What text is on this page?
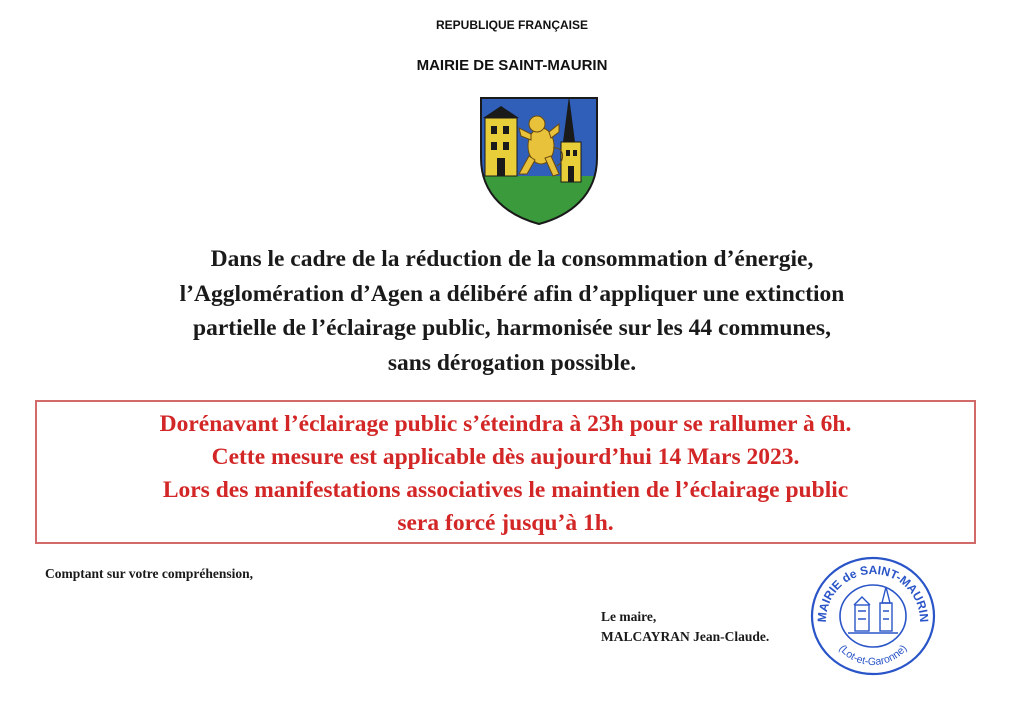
REPUBLIQUE FRANÇAISE
MAIRIE DE SAINT-MAURIN
Dans le cadre de la réduction de la consommation d’énergie,
l’Agglomération d’Agen a délibéré afin d’appliquer une extinction
partielle de l’éclairage public, harmonisée sur les 44 communes,
sans dérogation possible.
Dorénavant l’éclairage public s’éteindra à 23h pour se rallumer à 6h.
Cette mesure est applicable dès aujourd’hui 14 Mars 2023.
Lors des manifestations associatives le maintien de l’éclairage public
sera forcé jusqu’à 1h.
Comptant sur votre compréhension,
Le maire,
MALCAYRAN Jean-Claude.
MAIRIE de SAINT-MAURIN
(Lot-et-Garonne)
